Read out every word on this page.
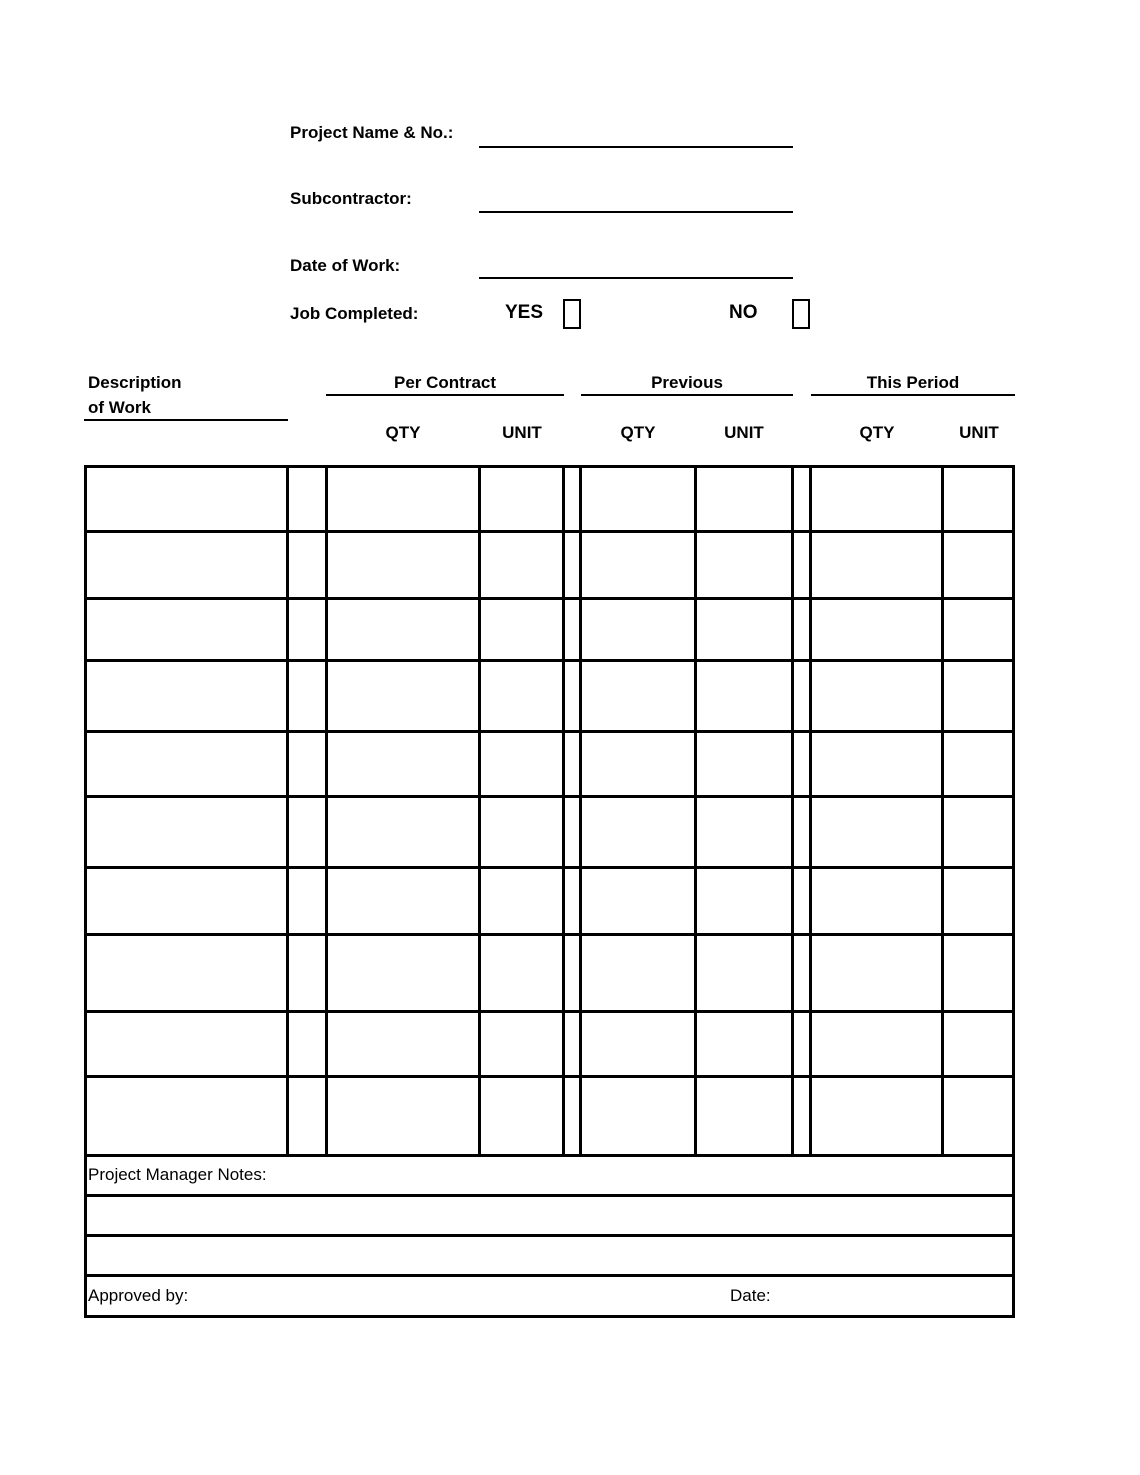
Project Name & No.:
Subcontractor:
Date of Work:
Job Completed:	YES	NO
Description
of Work
Per Contract	Previous	This Period
QTY	UNIT	QTY	UNIT	QTY	UNIT
Project Manager Notes:
Approved by:	Date:
